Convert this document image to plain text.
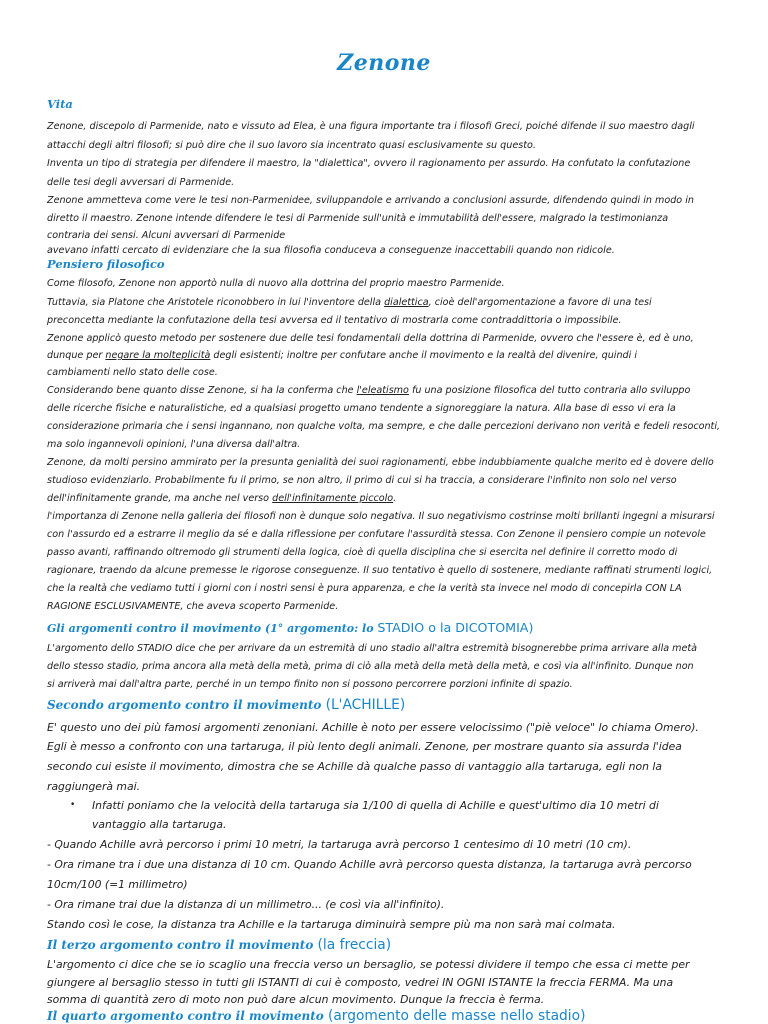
Zenone
Vita
Zenone, discepolo di Parmenide, nato e vissuto ad Elea, è una figura importante tra i filosofi Greci, poiché difende il suo maestro dagli
attacchi degli altri filosofi; si può dire che il suo lavoro sia incentrato quasi esclusivamente su questo.
Inventa un tipo di strategia per difendere il maestro, la "dialettica", ovvero il ragionamento per assurdo. Ha confutato la confutazione
delle tesi degli avversari di Parmenide.
Zenone ammetteva come vere le tesi non-Parmenidee, sviluppandole e arrivando a conclusioni assurde, difendendo quindi in modo in
diretto il maestro. Zenone intende difendere le tesi di Parmenide sull'unità e immutabilità dell'essere, malgrado la testimonianza
contraria dei sensi. Alcuni avversari di Parmenide
avevano infatti cercato di evidenziare che la sua filosofia conduceva a conseguenze inaccettabili quando non ridicole.
Pensiero filosofico
Come filosofo, Zenone non apportò nulla di nuovo alla dottrina del proprio maestro Parmenide.
Tuttavia, sia Platone che Aristotele riconobbero in lui l'inventore della dialettica, cioè dell'argomentazione a favore di una tesi
preconcetta mediante la confutazione della tesi avversa ed il tentativo di mostrarla come contraddittoria o impossibile.
Zenone applicò questo metodo per sostenere due delle tesi fondamentali della dottrina di Parmenide, ovvero che l'essere è, ed è uno,
dunque per negare la molteplicità degli esistenti; inoltre per confutare anche il movimento e la realtà del divenire, quindi i
cambiamenti nello stato delle cose.
Considerando bene quanto disse Zenone, si ha la conferma che l'eleatismo fu una posizione filosofica del tutto contraria allo sviluppo
delle ricerche fisiche e naturalistiche, ed a qualsiasi progetto umano tendente a signoreggiare la natura. Alla base di esso vi era la
considerazione primaria che i sensi ingannano, non qualche volta, ma sempre, e che dalle percezioni derivano non verità e fedeli resoconti,
ma solo ingannevoli opinioni, l'una diversa dall'altra.
Zenone, da molti persino ammirato per la presunta genialità dei suoi ragionamenti, ebbe indubbiamente qualche merito ed è dovere dello
studioso evidenziarlo. Probabilmente fu il primo, se non altro, il primo di cui si ha traccia, a considerare l'infinito non solo nel verso
dell'infinitamente grande, ma anche nel verso dell'infinitamente piccolo.
l'importanza di Zenone nella galleria dei filosofi non è dunque solo negativa. Il suo negativismo costrinse molti brillanti ingegni a misurarsi
con l'assurdo ed a estrarre il meglio da sé e dalla riflessione per confutare l'assurdità stessa. Con Zenone il pensiero compie un notevole
passo avanti, raffinando oltremodo gli strumenti della logica, cioè di quella disciplina che si esercita nel definire il corretto modo di
ragionare, traendo da alcune premesse le rigorose conseguenze. Il suo tentativo è quello di sostenere, mediante raffinati strumenti logici,
che la realtà che vediamo tutti i giorni con i nostri sensi è pura apparenza, e che la verità sta invece nel modo di concepirla CON LA
RAGIONE ESCLUSIVAMENTE, che aveva scoperto Parmenide.
Gli argomenti contro il movimento (1° argomento: lo STADIO o la DICOTOMIA)
L'argomento dello STADIO dice che per arrivare da un estremità di uno stadio all'altra estremità bisognerebbe prima arrivare alla metà
dello stesso stadio, prima ancora alla metà della metà, prima di ciò alla metà della metà della metà, e così via all'infinito. Dunque non
si arriverà mai dall'altra parte, perché in un tempo finito non si possono percorrere porzioni infinite di spazio.
Secondo argomento contro il movimento (L'ACHILLE)
E' questo uno dei più famosi argomenti zenoniani. Achille è noto per essere velocissimo ("piè veloce" lo chiama Omero).
Egli è messo a confronto con una tartaruga, il più lento degli animali. Zenone, per mostrare quanto sia assurda l'idea
secondo cui esiste il movimento, dimostra che se Achille dà qualche passo di vantaggio alla tartaruga, egli non la
raggiungerà mai.
• Infatti poniamo che la velocità della tartaruga sia 1/100 di quella di Achille e quest'ultimo dia 10 metri di
vantaggio alla tartaruga.
- Quando Achille avrà percorso i primi 10 metri, la tartaruga avrà percorso 1 centesimo di 10 metri (10 cm).
- Ora rimane tra i due una distanza di 10 cm. Quando Achille avrà percorso questa distanza, la tartaruga avrà percorso
10cm/100 (=1 millimetro)
- Ora rimane trai due la distanza di un millimetro... (e così via all'infinito).
Stando così le cose, la distanza tra Achille e la tartaruga diminuirà sempre più ma non sarà mai colmata.
Il terzo argomento contro il movimento (la freccia)
L'argomento ci dice che se io scaglio una freccia verso un bersaglio, se potessi dividere il tempo che essa ci mette per
giungere al bersaglio stesso in tutti gli ISTANTI di cui è composto, vedrei IN OGNI ISTANTE la freccia FERMA. Ma una
somma di quantità zero di moto non può dare alcun movimento. Dunque la freccia è ferma.
Il quarto argomento contro il movimento (argomento delle masse nello stadio)
